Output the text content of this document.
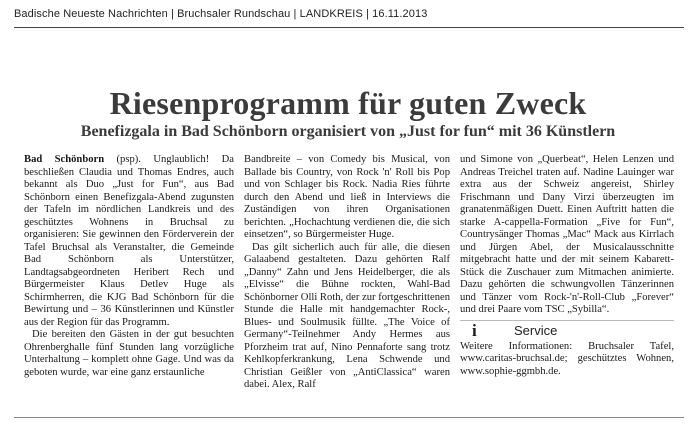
Badische Neueste Nachrichten | Bruchsaler Rundschau | LANDKREIS | 16.11.2013
Riesenprogramm für guten Zweck
Benefizgala in Bad Schönborn organisiert von „Just for fun“ mit 36 Künstlern

Bad Schönborn (psp). Unglaublich! Da beschließen Claudia und Thomas Endres, auch bekannt als Duo „Just for Fun“, aus Bad Schönborn einen Benefizgala-Abend zugunsten der Tafeln im nördlichen Landkreis und des geschütztes Wohnens in Bruchsal zu organisieren: Sie gewinnen den Förderverein der Tafel Bruchsal als Veranstalter, die Gemeinde Bad Schönborn als Unterstützer, Landtagsabgeordneten Heribert Rech und Bürgermeister Klaus Detlev Huge als Schirmherren, die KJG Bad Schönborn für die Bewirtung und – 36 Künstlerinnen und Künstler aus der Region für das Programm.

Die bereiten den Gästen in der gut besuchten Ohrenberghalle fünf Stunden lang vorzügliche Unterhaltung – komplett ohne Gage. Und was da geboten wurde, war eine ganz erstaunliche

Bandbreite – von Comedy bis Musical, von Ballade bis Country, von Rock 'n' Roll bis Pop und von Schlager bis Rock. Nadia Ries führte durch den Abend und ließ in Interviews die Zuständigen von ihren Organisationen berichten. „Hochachtung verdienen die, die sich einsetzen“, so Bürgermeister Huge.

Das gilt sicherlich auch für alle, die diesen Galaabend gestalteten. Dazu gehörten Ralf „Danny“ Zahn und Jens Heidelberger, die als „Elvisse“ die Bühne rockten, Wahl-Bad Schönborner Olli Roth, der zur fortgeschrittenen Stunde die Halle mit handgemachter Rock-, Blues- und Soulmusik füllte. „The Voice of Germany“-Teilnehmer Andy Hermes aus Pforzheim trat auf, Nino Pennaforte sang trotz Kehlkopferkrankung, Lena Schwende und Christian Geißler von „AntiClassica“ waren dabei. Alex, Ralf

und Simone von „Querbeat“, Helen Lenzen und Andreas Treichel traten auf. Nadine Lauinger war extra aus der Schweiz angereist, Shirley Frischmann und Dany Virzi überzeugten im granatenmäßigen Duett. Einen Auftritt hatten die starke A-cappella-Formation „Five for Fun“, Countrysänger Thomas „Mac“ Mack aus Kirrlach und Jürgen Abel, der Musicalausschnitte mitgebracht hatte und der mit seinem Kabarett-Stück die Zuschauer zum Mitmachen animierte. Dazu gehörten die schwungvollen Tänzerinnen und Tänzer vom Rock-'n'-Roll-Club „Forever“ und drei Paare vom TSC „Sybilla“.

i	Service

Weitere Informationen: Bruchsaler Tafel, www.caritas-bruchsal.de; geschütztes Wohnen, www.sophie-ggmbh.de.
